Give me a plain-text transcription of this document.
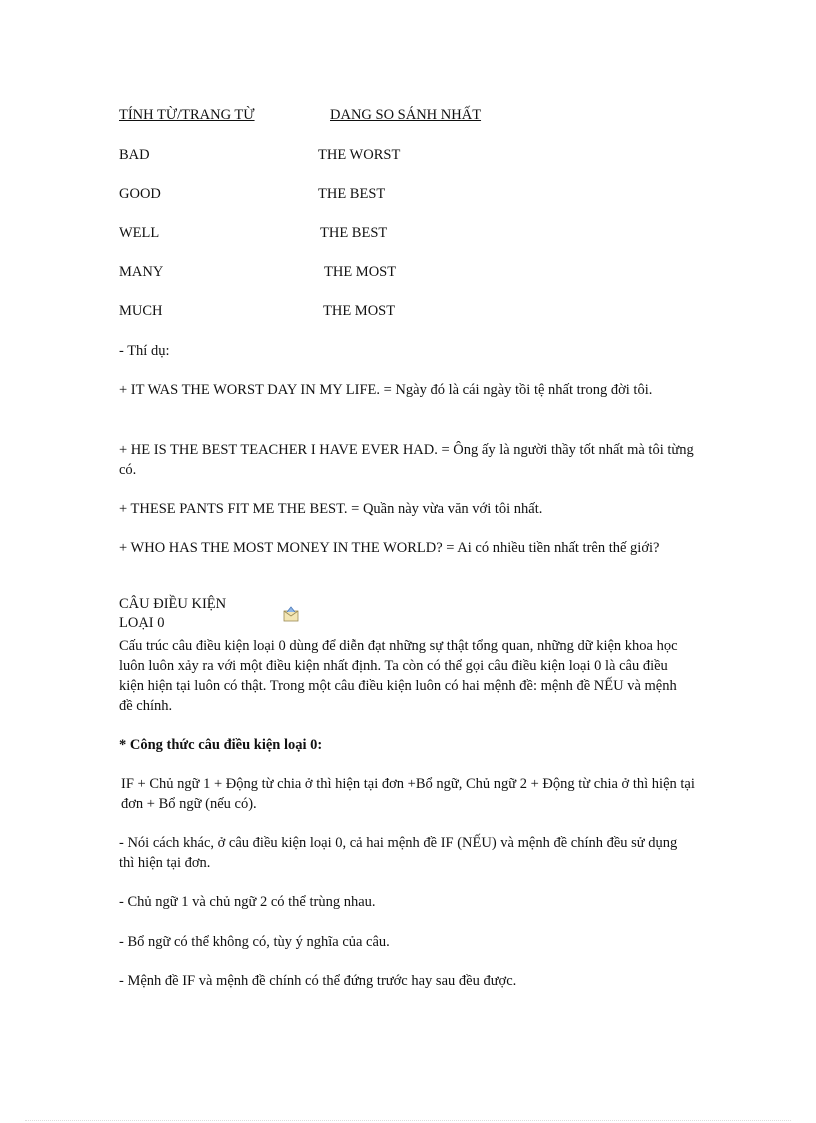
TÍNH TỪ/TRANG TỪ	DANG SO SÁNH NHẤT
BAD	THE WORST
GOOD	THE BEST
WELL	THE BEST
MANY	THE MOST
MUCH	THE MOST
- Thí dụ:
+ IT WAS THE WORST DAY IN MY LIFE. = Ngày đó là cái ngày tồi tệ nhất trong đời tôi.
+ HE IS THE BEST TEACHER I HAVE EVER HAD. = Ông ấy là người thầy tốt nhất mà tôi từng có.
+ THESE PANTS FIT ME THE BEST. = Quần này vừa văn với tôi nhất.
+ WHO HAS THE MOST MONEY IN THE WORLD? = Ai có nhiều tiền nhất trên thế giới?
CÂU ĐIỀU KIỆN
LOẠI 0
Cấu trúc câu điều kiện loại 0 dùng để diễn đạt những sự thật tổng quan, những dữ kiện khoa học luôn luôn xảy ra với một điều kiện nhất định. Ta còn có thể gọi câu điều kiện loại 0 là câu điều kiện hiện tại luôn có thật. Trong một câu điều kiện luôn có hai mệnh đề: mệnh đề NẾU và mệnh đề chính.
* Công thức câu điều kiện loại 0:
IF + Chủ ngữ 1 + Động từ chia ở thì hiện tại đơn +Bổ ngữ, Chủ ngữ 2 + Động từ chia ở thì hiện tại đơn + Bổ ngữ (nếu có).
- Nói cách khác, ở câu điều kiện loại 0, cả hai mệnh đề IF (NẾU) và mệnh đề chính đều sử dụng thì hiện tại đơn.
- Chủ ngữ 1 và chủ ngữ 2 có thể trùng nhau.
- Bổ ngữ có thể không có, tùy ý nghĩa của câu.
- Mệnh đề IF và mệnh đề chính có thể đứng trước hay sau đều được.
